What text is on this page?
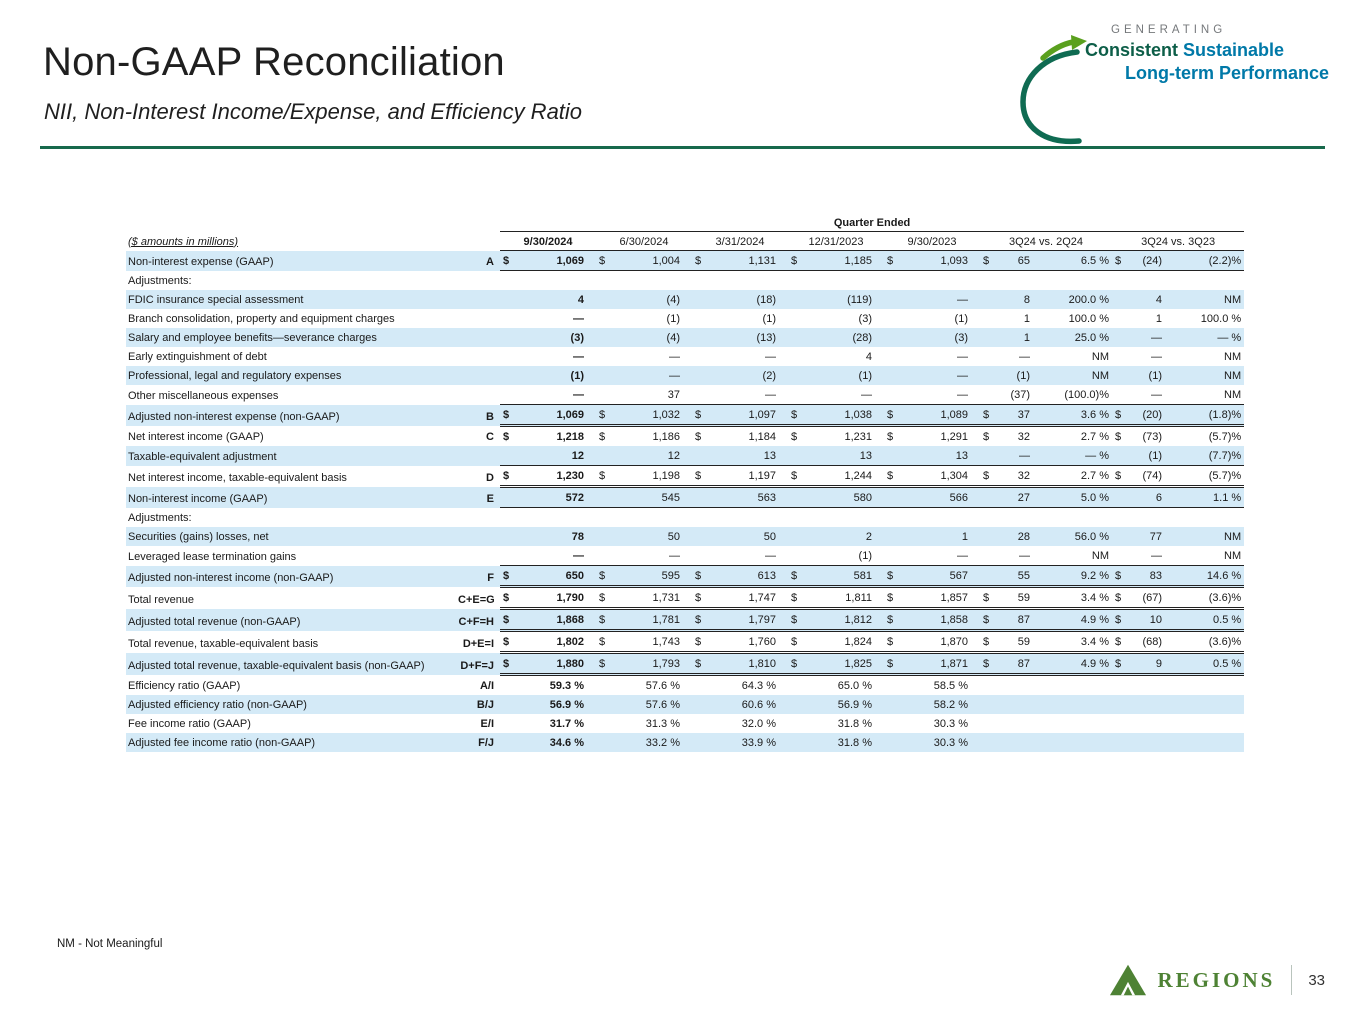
Non-GAAP Reconciliation
NII, Non-Interest Income/Expense, and Efficiency Ratio
GENERATING
Consistent Sustainable
Long-term Performance
		Quarter Ended															
($ amounts in millions)		9/30/2024		6/30/2024		3/31/2024		12/31/2023		9/30/2023		3Q24 vs. 2Q24			3Q24 vs. 3Q23		
Non-interest expense (GAAP)	A	$	1,069	$	1,004	$	1,131	$	1,185	$	1,093	$	65	6.5 %	$	(24)	(2.2)%
Adjustments:																	
FDIC insurance special assessment			4		(4)		(18)		(119)		—		8	200.0 %		4	NM
Branch consolidation, property and equipment charges			—		(1)		(1)		(3)		(1)		1	100.0 %		1	100.0 %
Salary and employee benefits—severance charges			(3)		(4)		(13)		(28)		(3)		1	25.0 %		—	— %
Early extinguishment of debt			—		—		—		4		—		—	NM		—	NM
Professional, legal and regulatory expenses			(1)		—		(2)		(1)		—		(1)	NM		(1)	NM
Other miscellaneous expenses			—		37		—		—		—		(37)	(100.0)%		—	NM
Adjusted non-interest expense (non-GAAP)	B	$	1,069	$	1,032	$	1,097	$	1,038	$	1,089	$	37	3.6 %	$	(20)	(1.8)%
Net interest income (GAAP)	C	$	1,218	$	1,186	$	1,184	$	1,231	$	1,291	$	32	2.7 %	$	(73)	(5.7)%
Taxable-equivalent adjustment			12		12		13		13		13		—	— %		(1)	(7.7)%
Net interest income, taxable-equivalent basis	D	$	1,230	$	1,198	$	1,197	$	1,244	$	1,304	$	32	2.7 %	$	(74)	(5.7)%
Non-interest income (GAAP)	E		572		545		563		580		566		27	5.0 %		6	1.1 %
Adjustments:																	
Securities (gains) losses, net			78		50		50		2		1		28	56.0 %		77	NM
Leveraged lease termination gains			—		—		—		(1)		—		—	NM		—	NM
Adjusted non-interest income (non-GAAP)	F	$	650	$	595	$	613	$	581	$	567		55	9.2 %	$	83	14.6 %
Total revenue	C+E=G	$	1,790	$	1,731	$	1,747	$	1,811	$	1,857	$	59	3.4 %	$	(67)	(3.6)%
Adjusted total revenue (non-GAAP)	C+F=H	$	1,868	$	1,781	$	1,797	$	1,812	$	1,858	$	87	4.9 %	$	10	0.5 %
Total revenue, taxable-equivalent basis	D+E=I	$	1,802	$	1,743	$	1,760	$	1,824	$	1,870	$	59	3.4 %	$	(68)	(3.6)%
Adjusted total revenue, taxable-equivalent basis (non-GAAP)	D+F=J	$	1,880	$	1,793	$	1,810	$	1,825	$	1,871	$	87	4.9 %	$	9	0.5 %
Efficiency ratio (GAAP)	A/I		59.3 %		57.6 %		64.3 %		65.0 %		58.5 %						
Adjusted efficiency ratio (non-GAAP)	B/J		56.9 %		57.6 %		60.6 %		56.9 %		58.2 %						
Fee income ratio (GAAP)	E/I		31.7 %		31.3 %		32.0 %		31.8 %		30.3 %						
Adjusted fee income ratio (non-GAAP)	F/J		34.6 %		33.2 %		33.9 %		31.8 %		30.3 %						
NM - Not Meaningful
REGIONS 33
